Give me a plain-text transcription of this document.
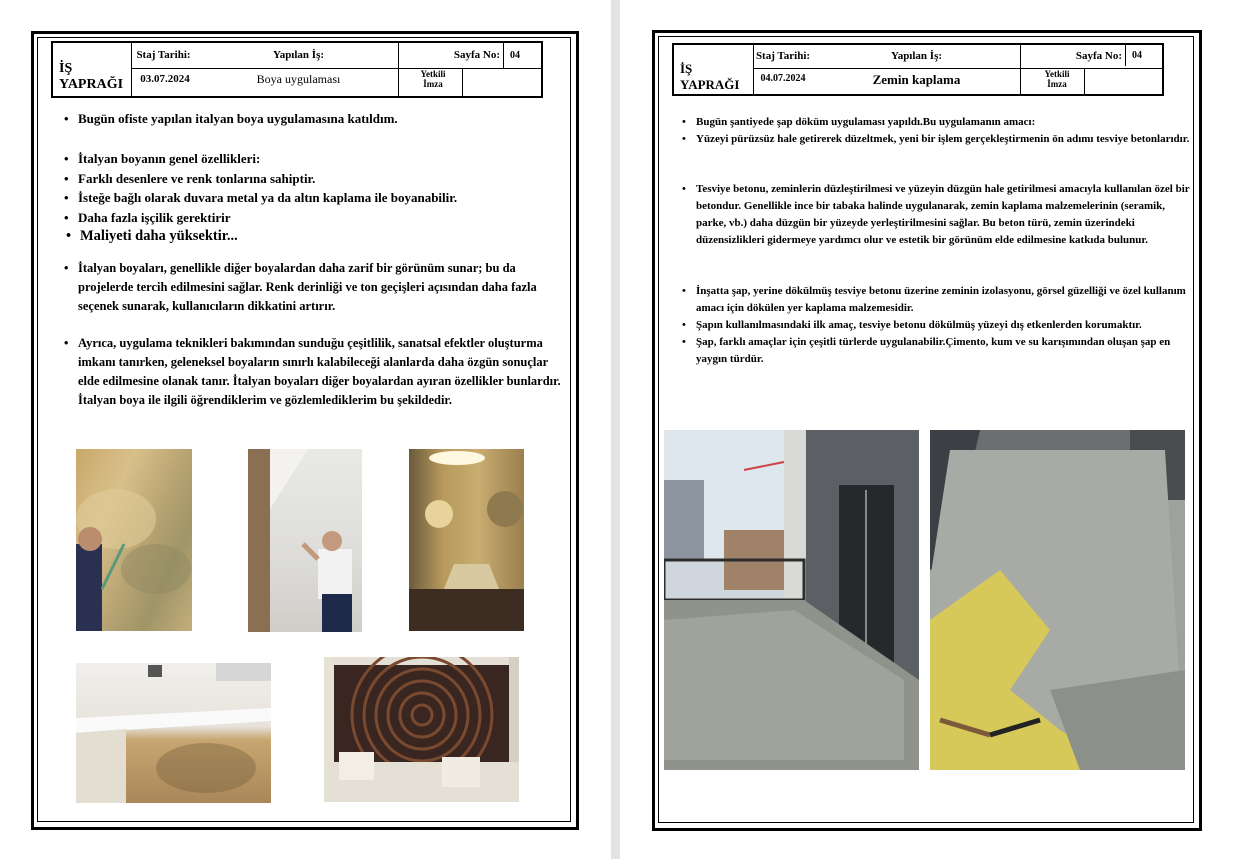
İŞ
YAPRAĞI
Staj Tarihi:
03.07.2024
Yapılan İş:
Boya uygulaması
Sayfa No:	04
Yetkili
İmza
• Bugün ofiste yapılan italyan boya uygulamasına katıldım.
• İtalyan boyanın genel özellikleri:
• Farklı desenlere ve renk tonlarına sahiptir.
• İsteğe bağlı olarak duvara metal ya da altın kaplama ile boyanabilir.
• Daha fazla işçilik gerektirir
• Maliyeti daha yüksektir...
• İtalyan boyaları, genellikle diğer boyalardan daha zarif bir görünüm sunar; bu da projelerde tercih edilmesini sağlar. Renk derinliği ve ton geçişleri açısından daha fazla seçenek sunarak, kullanıcıların dikkatini artırır.
• Ayrıca, uygulama teknikleri bakımından sunduğu çeşitlilik, sanatsal efektler oluşturma imkanı tanırken, geleneksel boyaların sınırlı kalabileceği alanlarda daha özgün sonuçlar elde edilmesine olanak tanır. İtalyan boyaları diğer boyalardan ayıran özellikler bunlardır. İtalyan boya ile ilgili öğrendiklerim ve gözlemlediklerim bu şekildedir.
İŞ
YAPRAĞI
Staj Tarihi:
04.07.2024
Yapılan İş:
Zemin kaplama
Sayfa No:	04
Yetkili
İmza
• Bugün şantiyede şap döküm uygulaması yapıldı.Bu uygulamanın amacı:
• Yüzeyi pürüzsüz hale getirerek düzeltmek, yeni bir işlem gerçekleştirmenin ön adımı tesviye betonlarıdır.
• Tesviye betonu, zeminlerin düzleştirilmesi ve yüzeyin düzgün hale getirilmesi amacıyla kullanılan özel bir betondur. Genellikle ince bir tabaka halinde uygulanarak, zemin kaplama malzemelerinin (seramik, parke, vb.) daha düzgün bir yüzeyde yerleştirilmesini sağlar. Bu beton türü, zemin üzerindeki düzensizlikleri gidermeye yardımcı olur ve estetik bir görünüm elde edilmesine katkıda bulunur.
• İnşatta şap, yerine dökülmüş tesviye betonu üzerine zeminin izolasyonu, görsel güzelliği ve özel kullanım amacı için dökülen yer kaplama malzemesidir.
• Şapın kullanılmasındaki ilk amaç, tesviye betonu dökülmüş yüzeyi dış etkenlerden korumaktır.
• Şap, farklı amaçlar için çeşitli türlerde uygulanabilir.Çimento, kum ve su karışımından oluşan şap en yaygın türdür.
